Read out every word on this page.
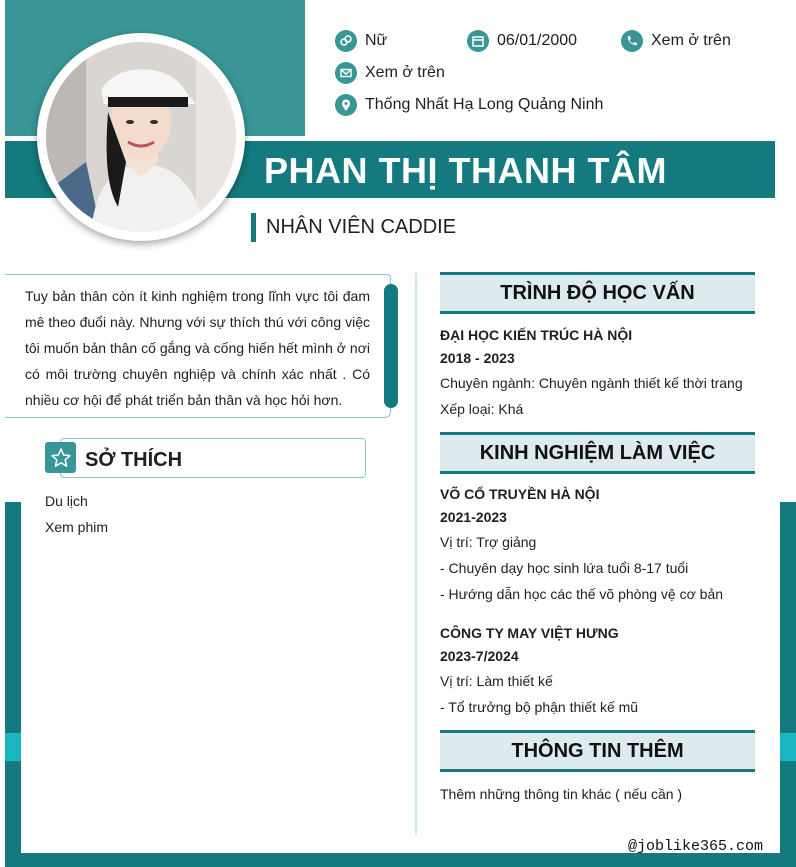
PHAN THỊ THANH TÂM
NHÂN VIÊN CADDIE
Nữ	06/01/2000	Xem ở trên
Xem ở trên
Thống Nhất Hạ Long Quảng Ninh
Tuy bản thân còn ít kinh nghiệm trong lĩnh vực tôi đam mê theo đuổi này. Nhưng với sự thích thú với công việc tôi muốn bản thân cố gắng và cống hiến hết mình ở nơi có môi trường chuyên nghiệp và chính xác nhất . Có nhiều cơ hội để phát triển bản thân và học hỏi hơn.
SỞ THÍCH
Du lịch
Xem phim
TRÌNH ĐỘ HỌC VẤN
ĐẠI HỌC KIẾN TRÚC HÀ NỘI
2018 - 2023
Chuyên ngành: Chuyên ngành thiết kế thời trang
Xếp loại: Khá
KINH NGHIỆM LÀM VIỆC
VÕ CỔ TRUYỀN HÀ NỘI
2021-2023
Vị trí: Trợ giảng
- Chuyên dạy học sinh lứa tuổi 8-17 tuổi
- Hướng dẫn học các thế võ phòng vệ cơ bản
CÔNG TY MAY VIỆT HƯNG
2023-7/2024
Vị trí: Làm thiết kế
- Tổ trưởng bộ phận thiết kế mũ
THÔNG TIN THÊM
Thêm những thông tin khác ( nếu cần )
@joblike365.com
